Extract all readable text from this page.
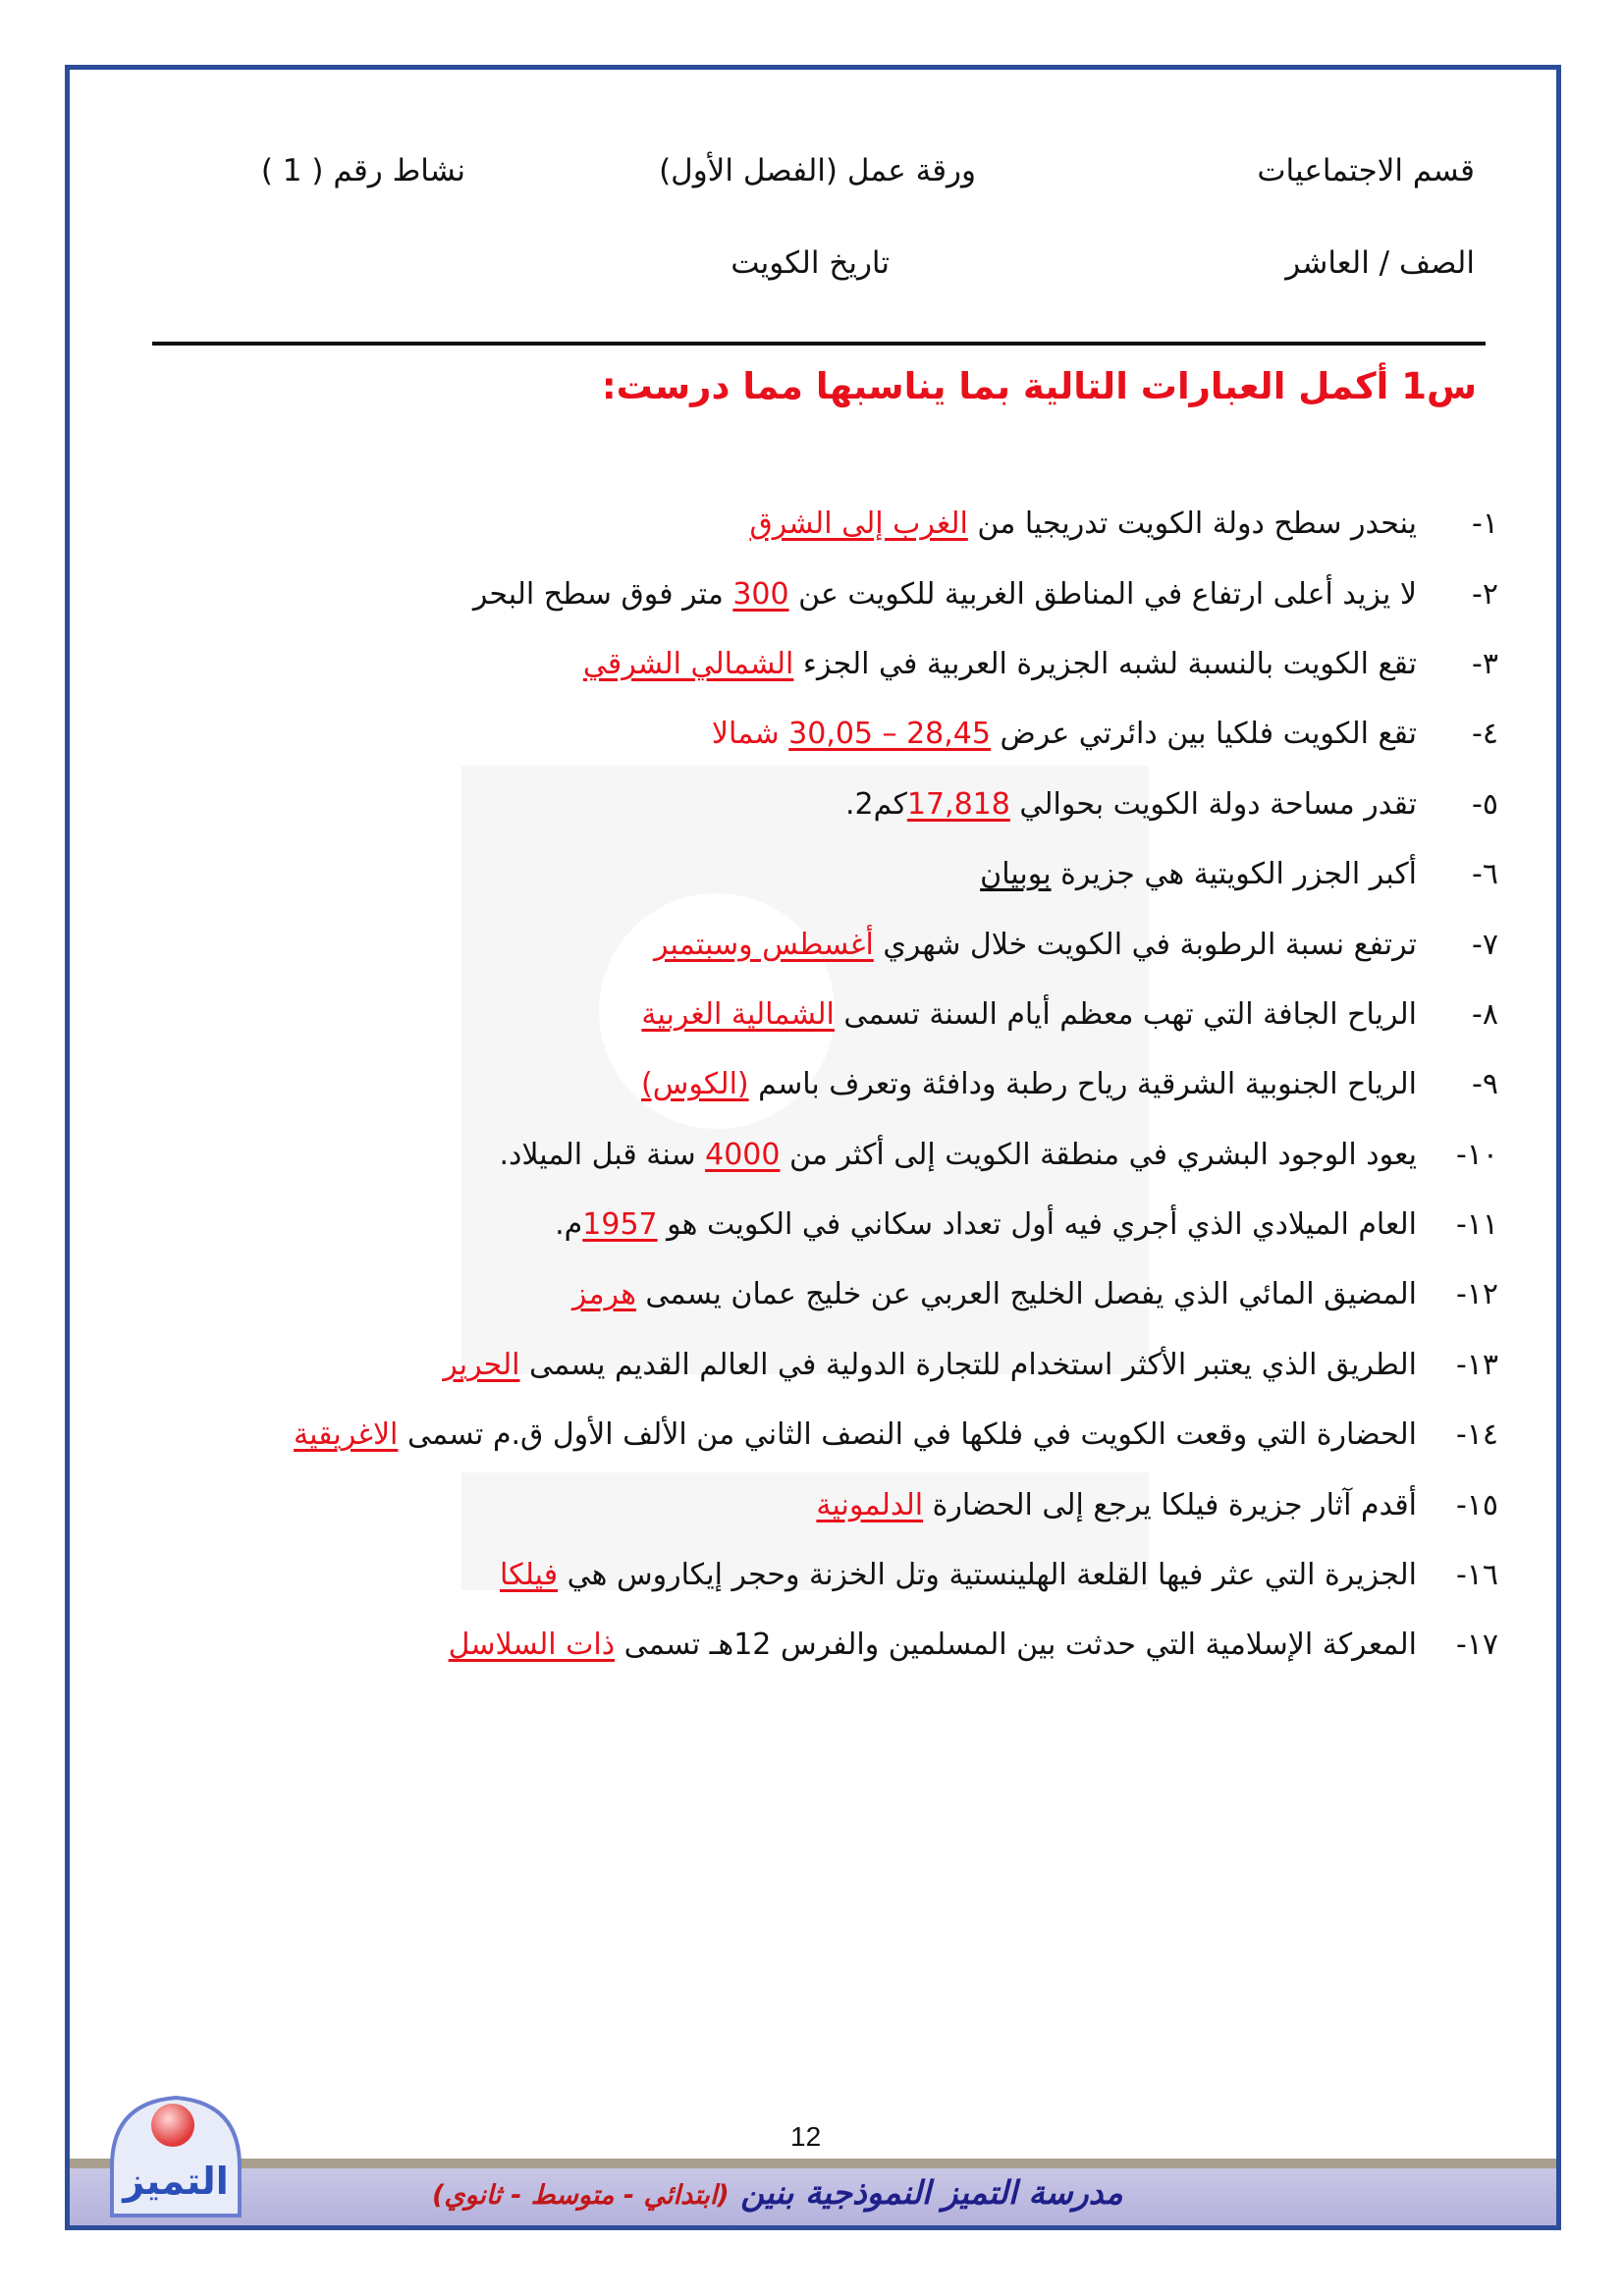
قسم الاجتماعيات
ورقة عمل (الفصل الأول)
نشاط رقم ( 1 )
الصف / العاشر
تاريخ الكويت
س1 أكمل العبارات التالية بما يناسبها مما درست:
١-
ينحدر سطح دولة الكويت تدريجيا من الغرب إلى الشرق
٢-
لا يزيد أعلى ارتفاع في المناطق الغربية للكويت عن 300 متر فوق سطح البحر
٣-
تقع الكويت بالنسبة لشبه الجزيرة العربية في الجزء الشمالي الشرقي
٤-
تقع الكويت فلكيا بين دائرتي عرض 28,45 – 30,05 شمالا
٥-
تقدر مساحة دولة الكويت بحوالي 17,818كم2.
٦-
أكبر الجزر الكويتية هي جزيرة بوبيان
٧-
ترتفع نسبة الرطوبة في الكويت خلال شهري أغسطس وسبتمبر
٨-
الرياح الجافة التي تهب معظم أيام السنة تسمى الشمالية الغربية
٩-
الرياح الجنوبية الشرقية رياح رطبة ودافئة وتعرف باسم (الكوس)
١٠-
يعود الوجود البشري في منطقة الكويت إلى أكثر من 4000 سنة قبل الميلاد.
١١-
العام الميلادي الذي أجري فيه أول تعداد سكاني في الكويت هو 1957م.
١٢-
المضيق المائي الذي يفصل الخليج العربي عن خليج عمان يسمى هرمز
١٣-
الطريق الذي يعتبر الأكثر استخدام للتجارة الدولية في العالم القديم يسمى الحرير
١٤-
الحضارة التي وقعت الكويت في فلكها في النصف الثاني من الألف الأول ق.م تسمى الاغريقية
١٥-
أقدم آثار جزيرة فيلكا يرجع إلى الحضارة الدلمونية
١٦-
الجزيرة التي عثر فيها القلعة الهلينستية وتل الخزنة وحجر إيكاروس هي فيلكا
١٧-
المعركة الإسلامية التي حدثت بين المسلمين والفرس 12هـ تسمى ذات السلاسل
12
مدرسة التميز النموذجية بنين (ابتدائي - متوسط - ثانوي)
التميز
